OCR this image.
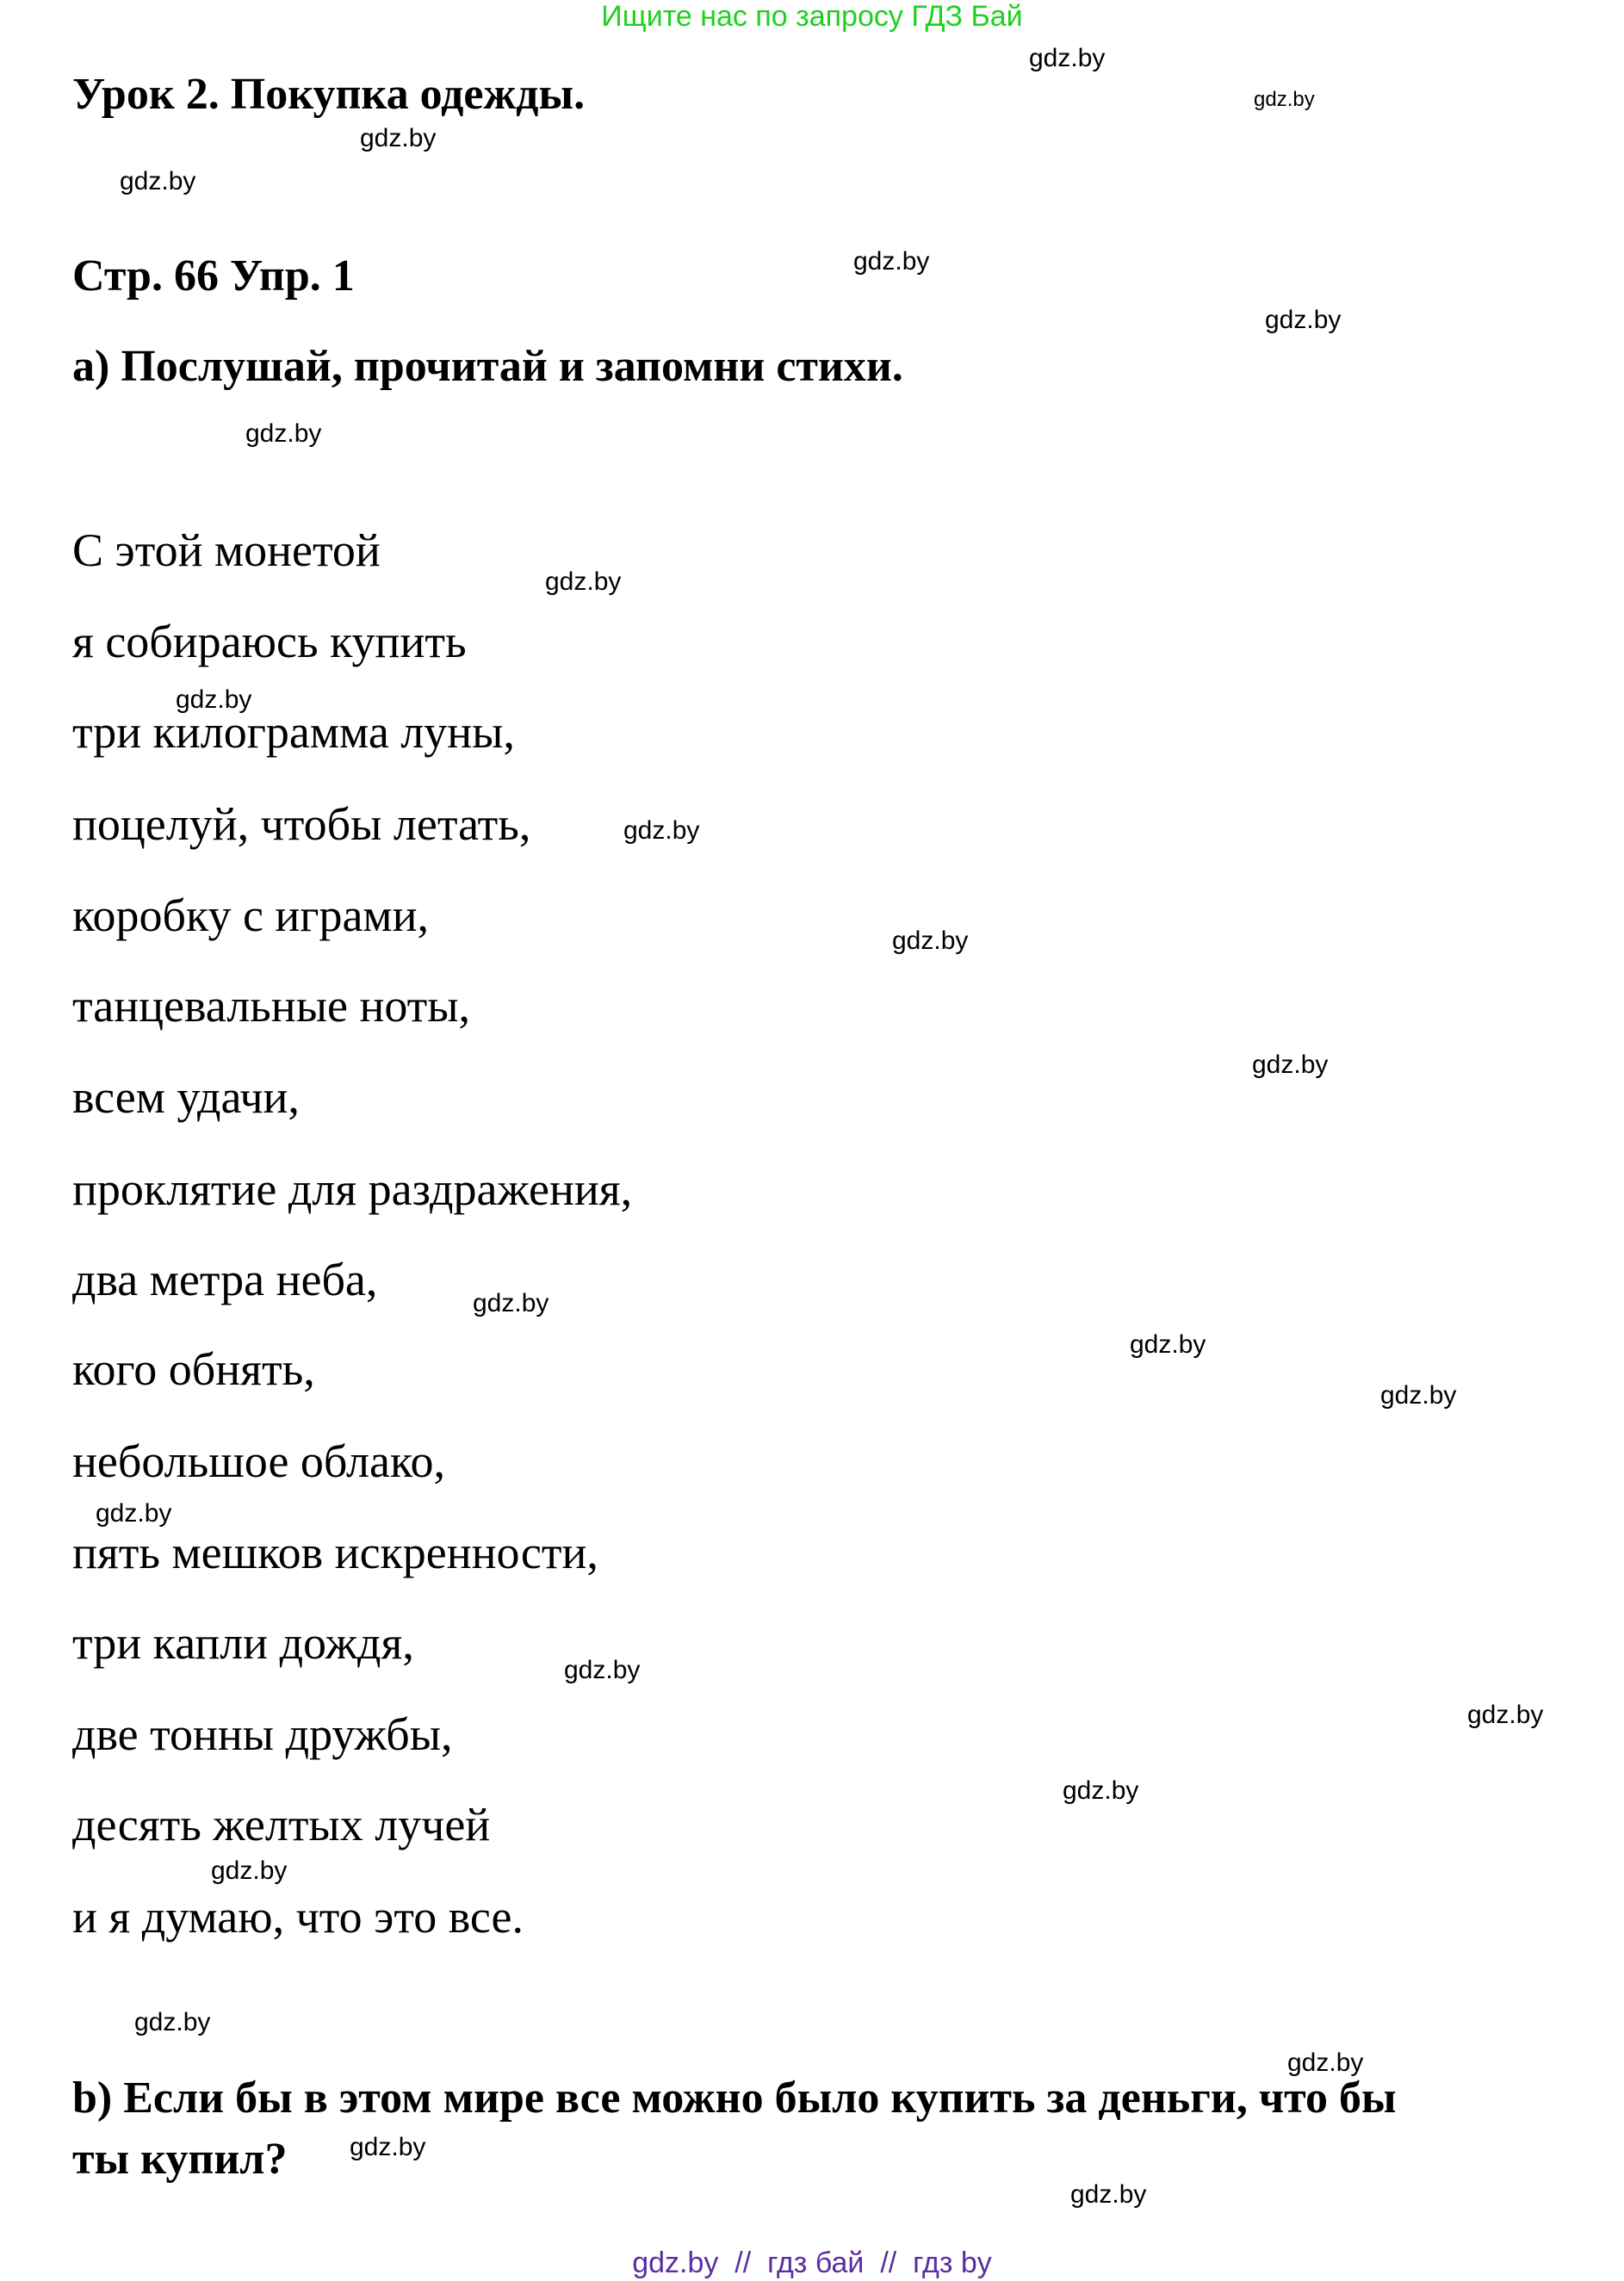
Ищите нас по запросу ГДЗ Бай
Урок 2. Покупка одежды.
Стр. 66 Упр. 1
а) Послушай, прочитай и запомни стихи.
С этой монетой
я собираюсь купить
три килограмма луны,
поцелуй, чтобы летать,
коробку с играми,
танцевальные ноты,
всем удачи,
проклятие для раздражения,
два метра неба,
кого обнять,
небольшое облако,
пять мешков искренности,
три капли дождя,
две тонны дружбы,
десять желтых лучей
и я думаю, что это все.
b) Если бы в этом мире все можно было купить за деньги, что бы
ты купил?
gdz.by
gdz.by
gdz.by
gdz.by
gdz.by
gdz.by
gdz.by
gdz.by
gdz.by
gdz.by
gdz.by
gdz.by
gdz.by
gdz.by
gdz.by
gdz.by
gdz.by
gdz.by
gdz.by
gdz.by
gdz.by
gdz.by
gdz.by
gdz.by
gdz.by  //  гдз бай  //  гдз by
